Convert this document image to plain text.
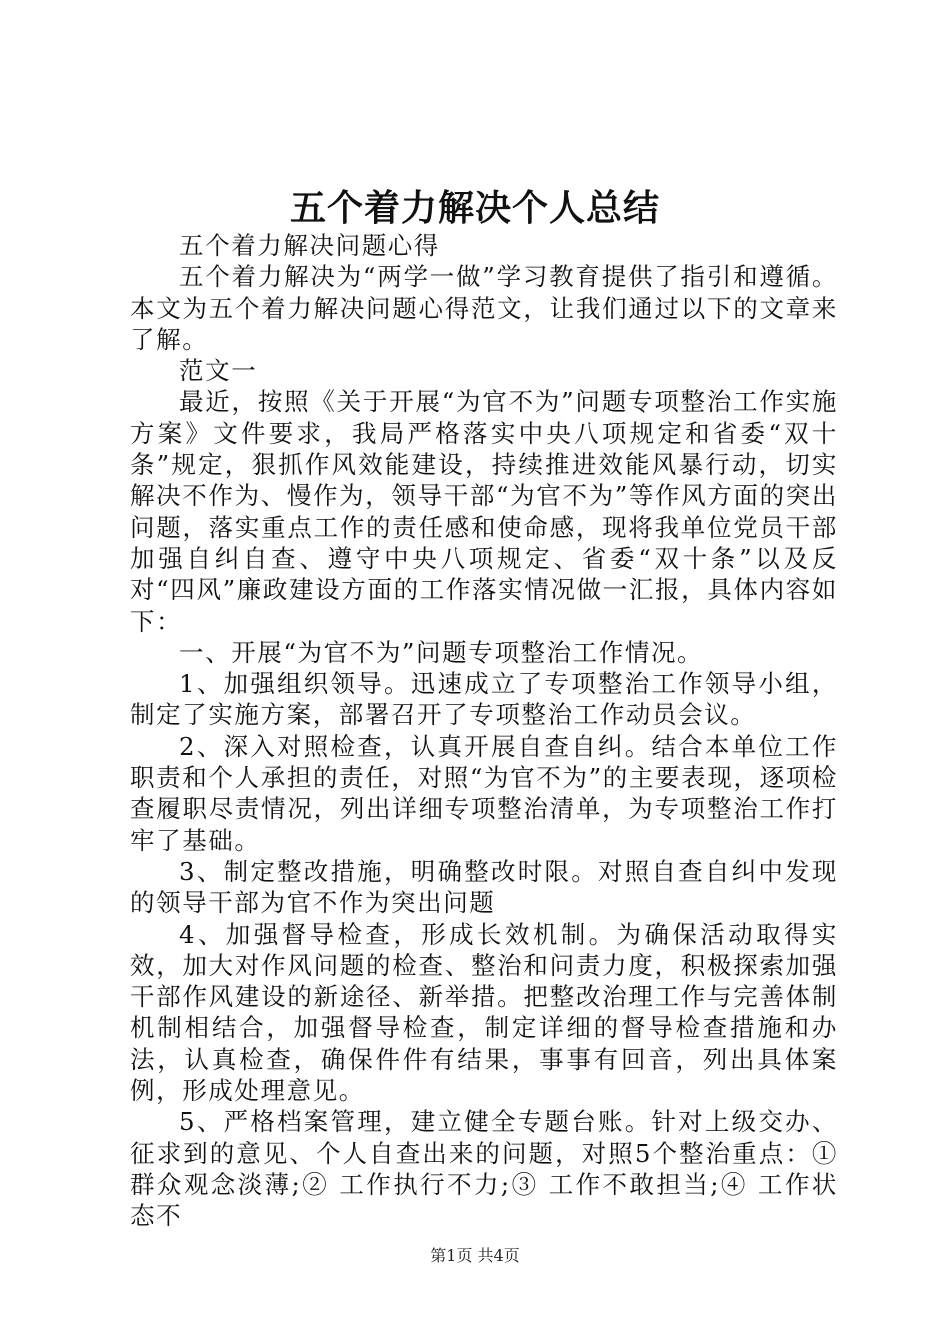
五个着力解决个人总结

五个着力解决问题心得

五个着力解决为“两学一做”学习教育提供了指引和遵循。本文为五个着力解决问题心得范文，让我们通过以下的文章来了解。

范文一

最近，按照《关于开展“为官不为”问题专项整治工作实施方案》文件要求，我局严格落实中央八项规定和省委“双十条”规定，狠抓作风效能建设，持续推进效能风暴行动，切实解决不作为、慢作为，领导干部“为官不为”等作风方面的突出问题，落实重点工作的责任感和使命感，现将我单位党员干部加强自纠自查、遵守中央八项规定、省委“双十条”以及反对“四风”廉政建设方面的工作落实情况做一汇报，具体内容如下：

一、开展“为官不为”问题专项整治工作情况。

1、加强组织领导。迅速成立了专项整治工作领导小组，制定了实施方案，部署召开了专项整治工作动员会议。

2、深入对照检查，认真开展自查自纠。结合本单位工作职责和个人承担的责任，对照“为官不为”的主要表现，逐项检查履职尽责情况，列出详细专项整治清单，为专项整治工作打牢了基础。

3、制定整改措施，明确整改时限。对照自查自纠中发现的领导干部为官不作为突出问题

4、加强督导检查，形成长效机制。为确保活动取得实效，加大对作风问题的检查、整治和问责力度，积极探索加强干部作风建设的新途径、新举措。把整改治理工作与完善体制机制相结合，加强督导检查，制定详细的督导检查措施和办法，认真检查，确保件件有结果，事事有回音，列出具体案例，形成处理意见。

5、严格档案管理，建立健全专题台账。针对上级交办、征求到的意见、个人自查出来的问题，对照5个整治重点：①群众观念淡薄;② 工作执行不力;③ 工作不敢担当;④ 工作状态不

第1页 共4页
